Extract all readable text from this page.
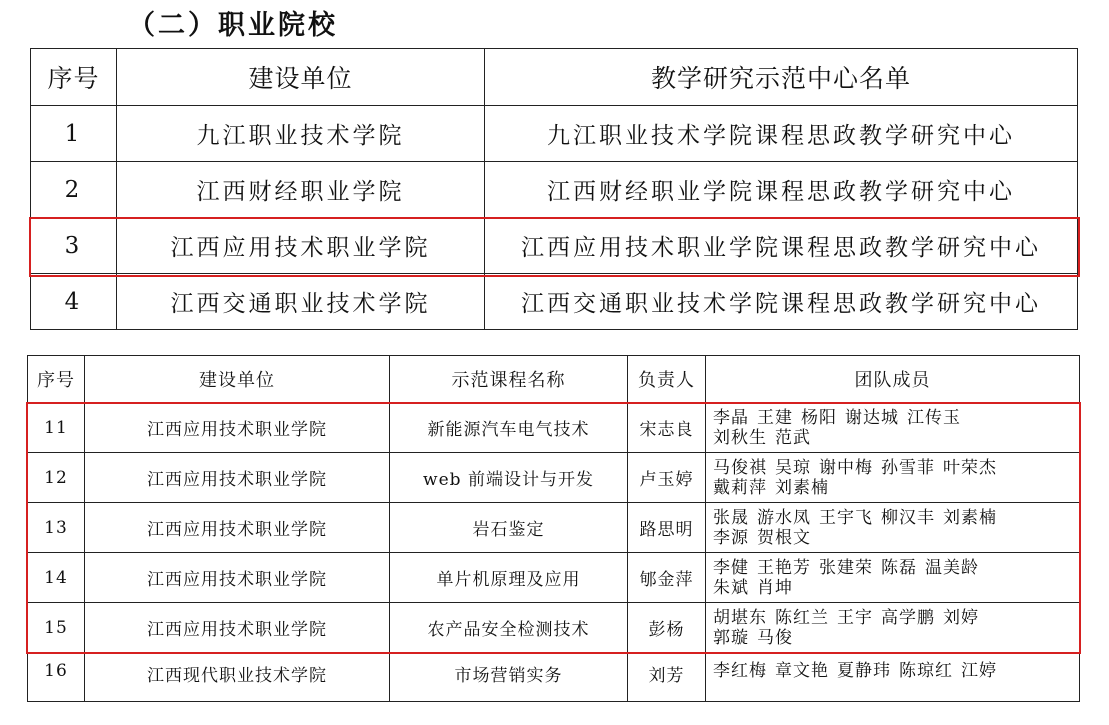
（二）职业院校
序号	建设单位	教学研究示范中心名单
1	九江职业技术学院	九江职业技术学院课程思政教学研究中心
2	江西财经职业学院	江西财经职业学院课程思政教学研究中心
3	江西应用技术职业学院	江西应用技术职业学院课程思政教学研究中心
4	江西交通职业技术学院	江西交通职业技术学院课程思政教学研究中心
序号	建设单位	示范课程名称	负责人	团队成员
11	江西应用技术职业学院	新能源汽车电气技术	宋志良	李晶 王建 杨阳 谢达城 江传玉
刘秋生 范武
12	江西应用技术职业学院	web 前端设计与开发	卢玉婷	马俊祺 吴琼 谢中梅 孙雪菲 叶荣杰
戴莉萍 刘素楠
13	江西应用技术职业学院	岩石鉴定	路思明	张晟 游水凤 王宇飞 柳汉丰 刘素楠
李源 贺根文
14	江西应用技术职业学院	单片机原理及应用	郇金萍	李健 王艳芳 张建荣 陈磊 温美龄
朱斌 肖坤
15	江西应用技术职业学院	农产品安全检测技术	彭杨	胡堪东 陈红兰 王宇 高学鹏 刘婷
郭璇 马俊
16	江西现代职业技术学院	市场营销实务	刘芳	李红梅 章文艳 夏静玮 陈琼红 江婷
